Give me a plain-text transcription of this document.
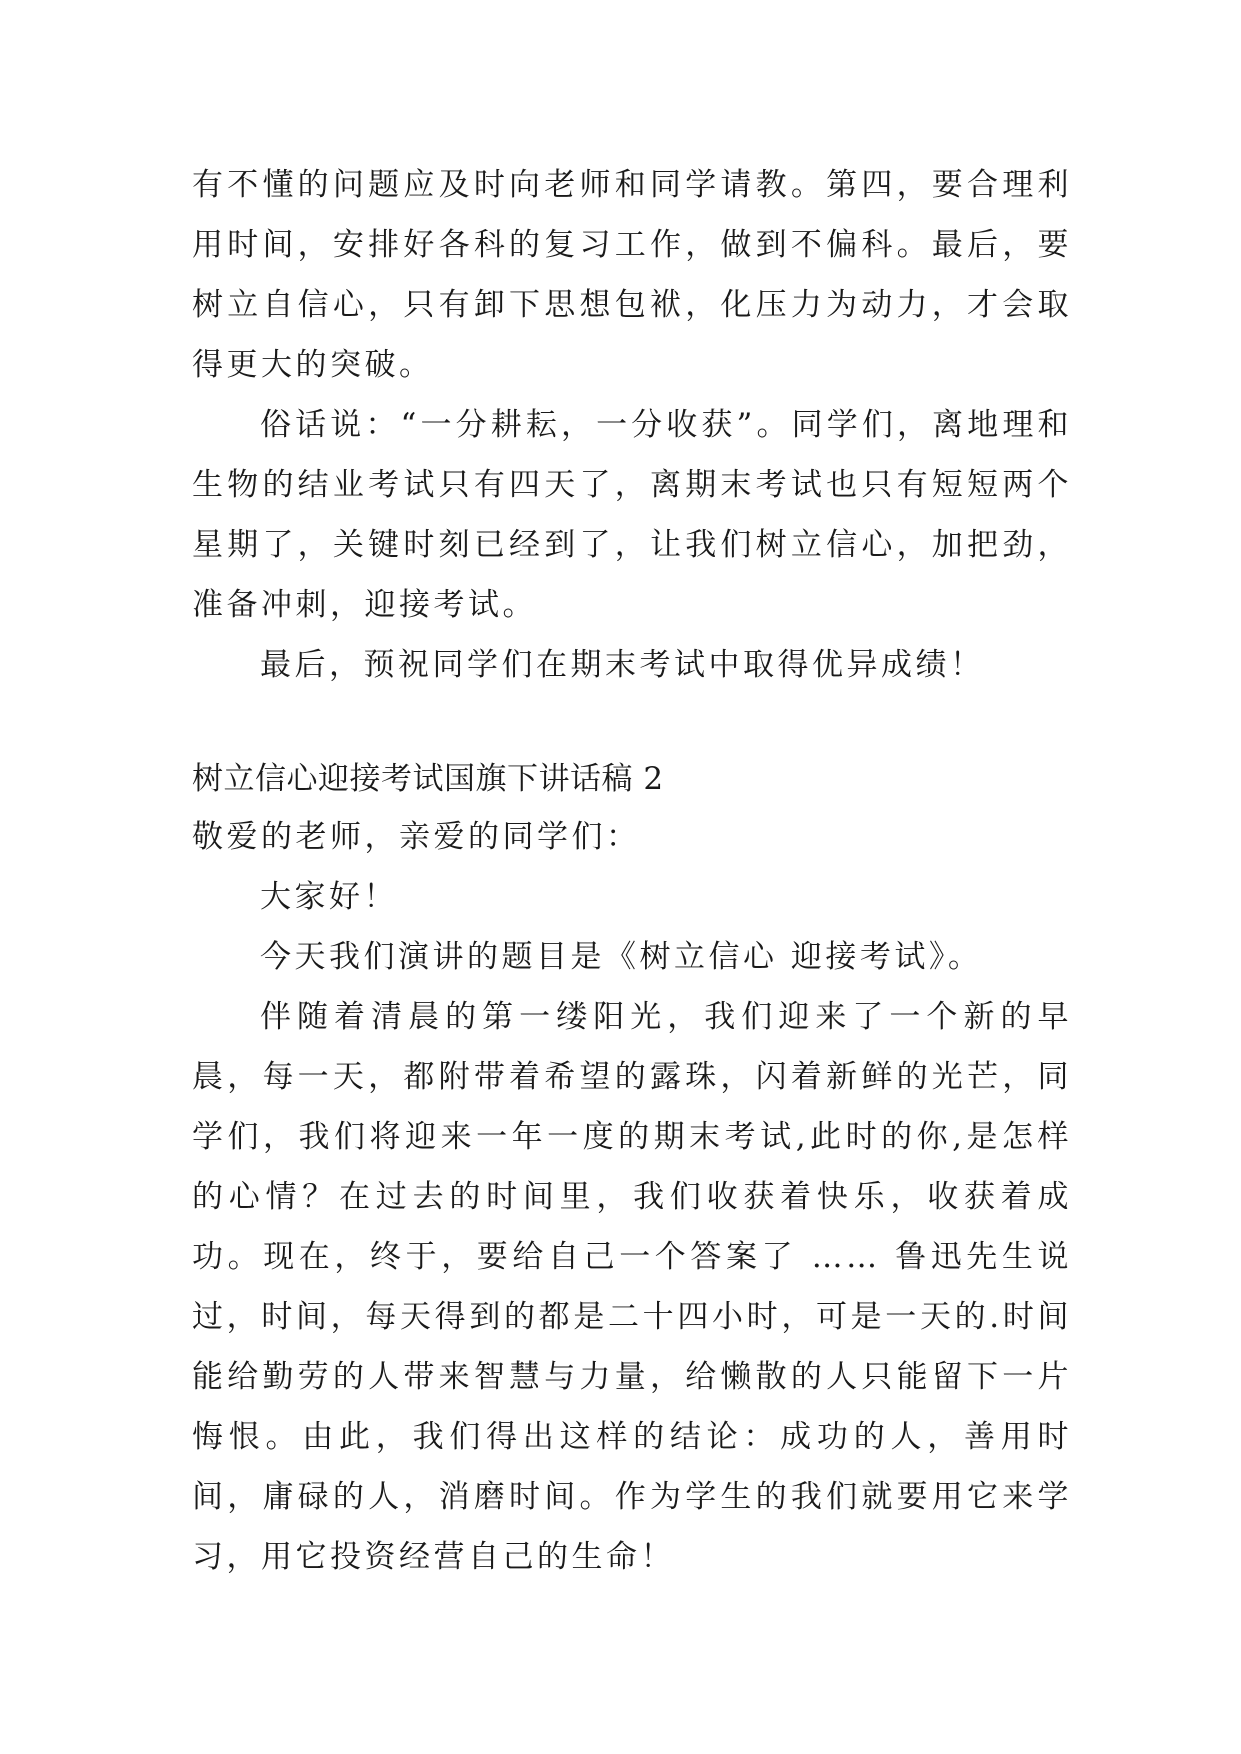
有不懂的问题应及时向老师和同学请教。第四，要合理利用时间，安排好各科的复习工作，做到不偏科。最后，要树立自信心，只有卸下思想包袱，化压力为动力，才会取得更大的突破。

俗话说：“一分耕耘，一分收获”。同学们，离地理和生物的结业考试只有四天了，离期末考试也只有短短两个星期了，关键时刻已经到了，让我们树立信心，加把劲，准备冲刺，迎接考试。

最后，预祝同学们在期末考试中取得优异成绩！

树立信心迎接考试国旗下讲话稿 2

敬爱的老师，亲爱的同学们：

大家好！

今天我们演讲的题目是《树立信心 迎接考试》。

伴随着清晨的第一缕阳光，我们迎来了一个新的早晨，每一天，都附带着希望的露珠，闪着新鲜的光芒，同学们，我们将迎来一年一度的期末考试,此时的你,是怎样的心情？在过去的时间里，我们收获着快乐，收获着成功。现在，终于，要给自己一个答案了 …… 鲁迅先生说过，时间，每天得到的都是二十四小时，可是一天的.时间能给勤劳的人带来智慧与力量，给懒散的人只能留下一片悔恨。由此，我们得出这样的结论：成功的人，善用时间，庸碌的人，消磨时间。作为学生的我们就要用它来学习，用它投资经营自己的生命！
